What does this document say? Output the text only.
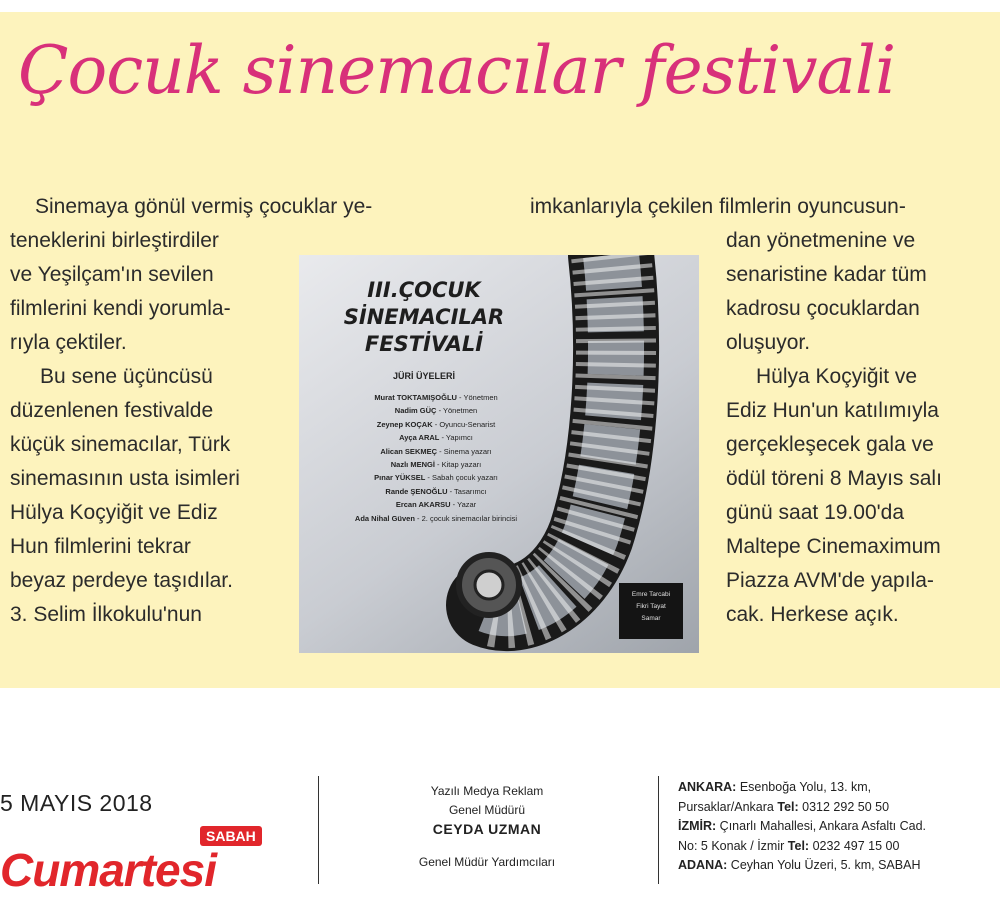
Çocuk sinemacılar festivali
Sinemaya gönül vermiş çocuklar ye-
teneklerini birleştirdiler
ve Yeşilçam'ın sevilen
filmlerini kendi yorumla-
rıyla çektiler.
Bu sene üçüncüsü
düzenlenen festivalde
küçük sinemacılar, Türk
sinemasının usta isimleri
Hülya Koçyiğit ve Ediz
Hun filmlerini tekrar
beyaz perdeye taşıdılar.
3. Selim İlkokulu'nun
imkanlarıyla çekilen filmlerin oyuncusun-
dan yönetmenine ve
senaristine kadar tüm
kadrosu çocuklardan
oluşuyor.
Hülya Koçyiğit ve
Ediz Hun'un katılımıyla
gerçekleşecek gala ve
ödül töreni 8 Mayıs salı
günü saat 19.00'da
Maltepe Cinemaximum
Piazza AVM'de yapıla-
cak. Herkese açık.
III.ÇOCUK
SİNEMACILAR
FESTİVALİ
JÜRİ ÜYELERİ
Murat TOKTAMIŞOĞLU - Yönetmen
Nadim GÜÇ - Yönetmen
Zeynep KOÇAK - Oyuncu-Senarist
Ayça ARAL - Yapımcı
Alican SEKMEÇ - Sinema yazarı
Nazlı MENGİ - Kitap yazarı
Pınar YÜKSEL - Sabah çocuk yazarı
Rande ŞENOĞLU - Tasarımcı
Ercan AKARSU - Yazar
Ada Nihal Güven - 2. çocuk sinemacılar birincisi
Emre Tarcabi
Fikri Tayat
Samar
5 MAYIS 2018
SABAH
Cumartesi
Yazılı Medya Reklam
Genel Müdürü
CEYDA UZMAN
Genel Müdür Yardımcıları
ANKARA: Esenboğa Yolu, 13. km,
Pursaklar/Ankara Tel: 0312 292 50 50
İZMİR: Çınarlı Mahallesi, Ankara Asfaltı Cad.
No: 5 Konak / İzmir Tel: 0232 497 15 00
ADANA: Ceyhan Yolu Üzeri, 5. km, SABAH
